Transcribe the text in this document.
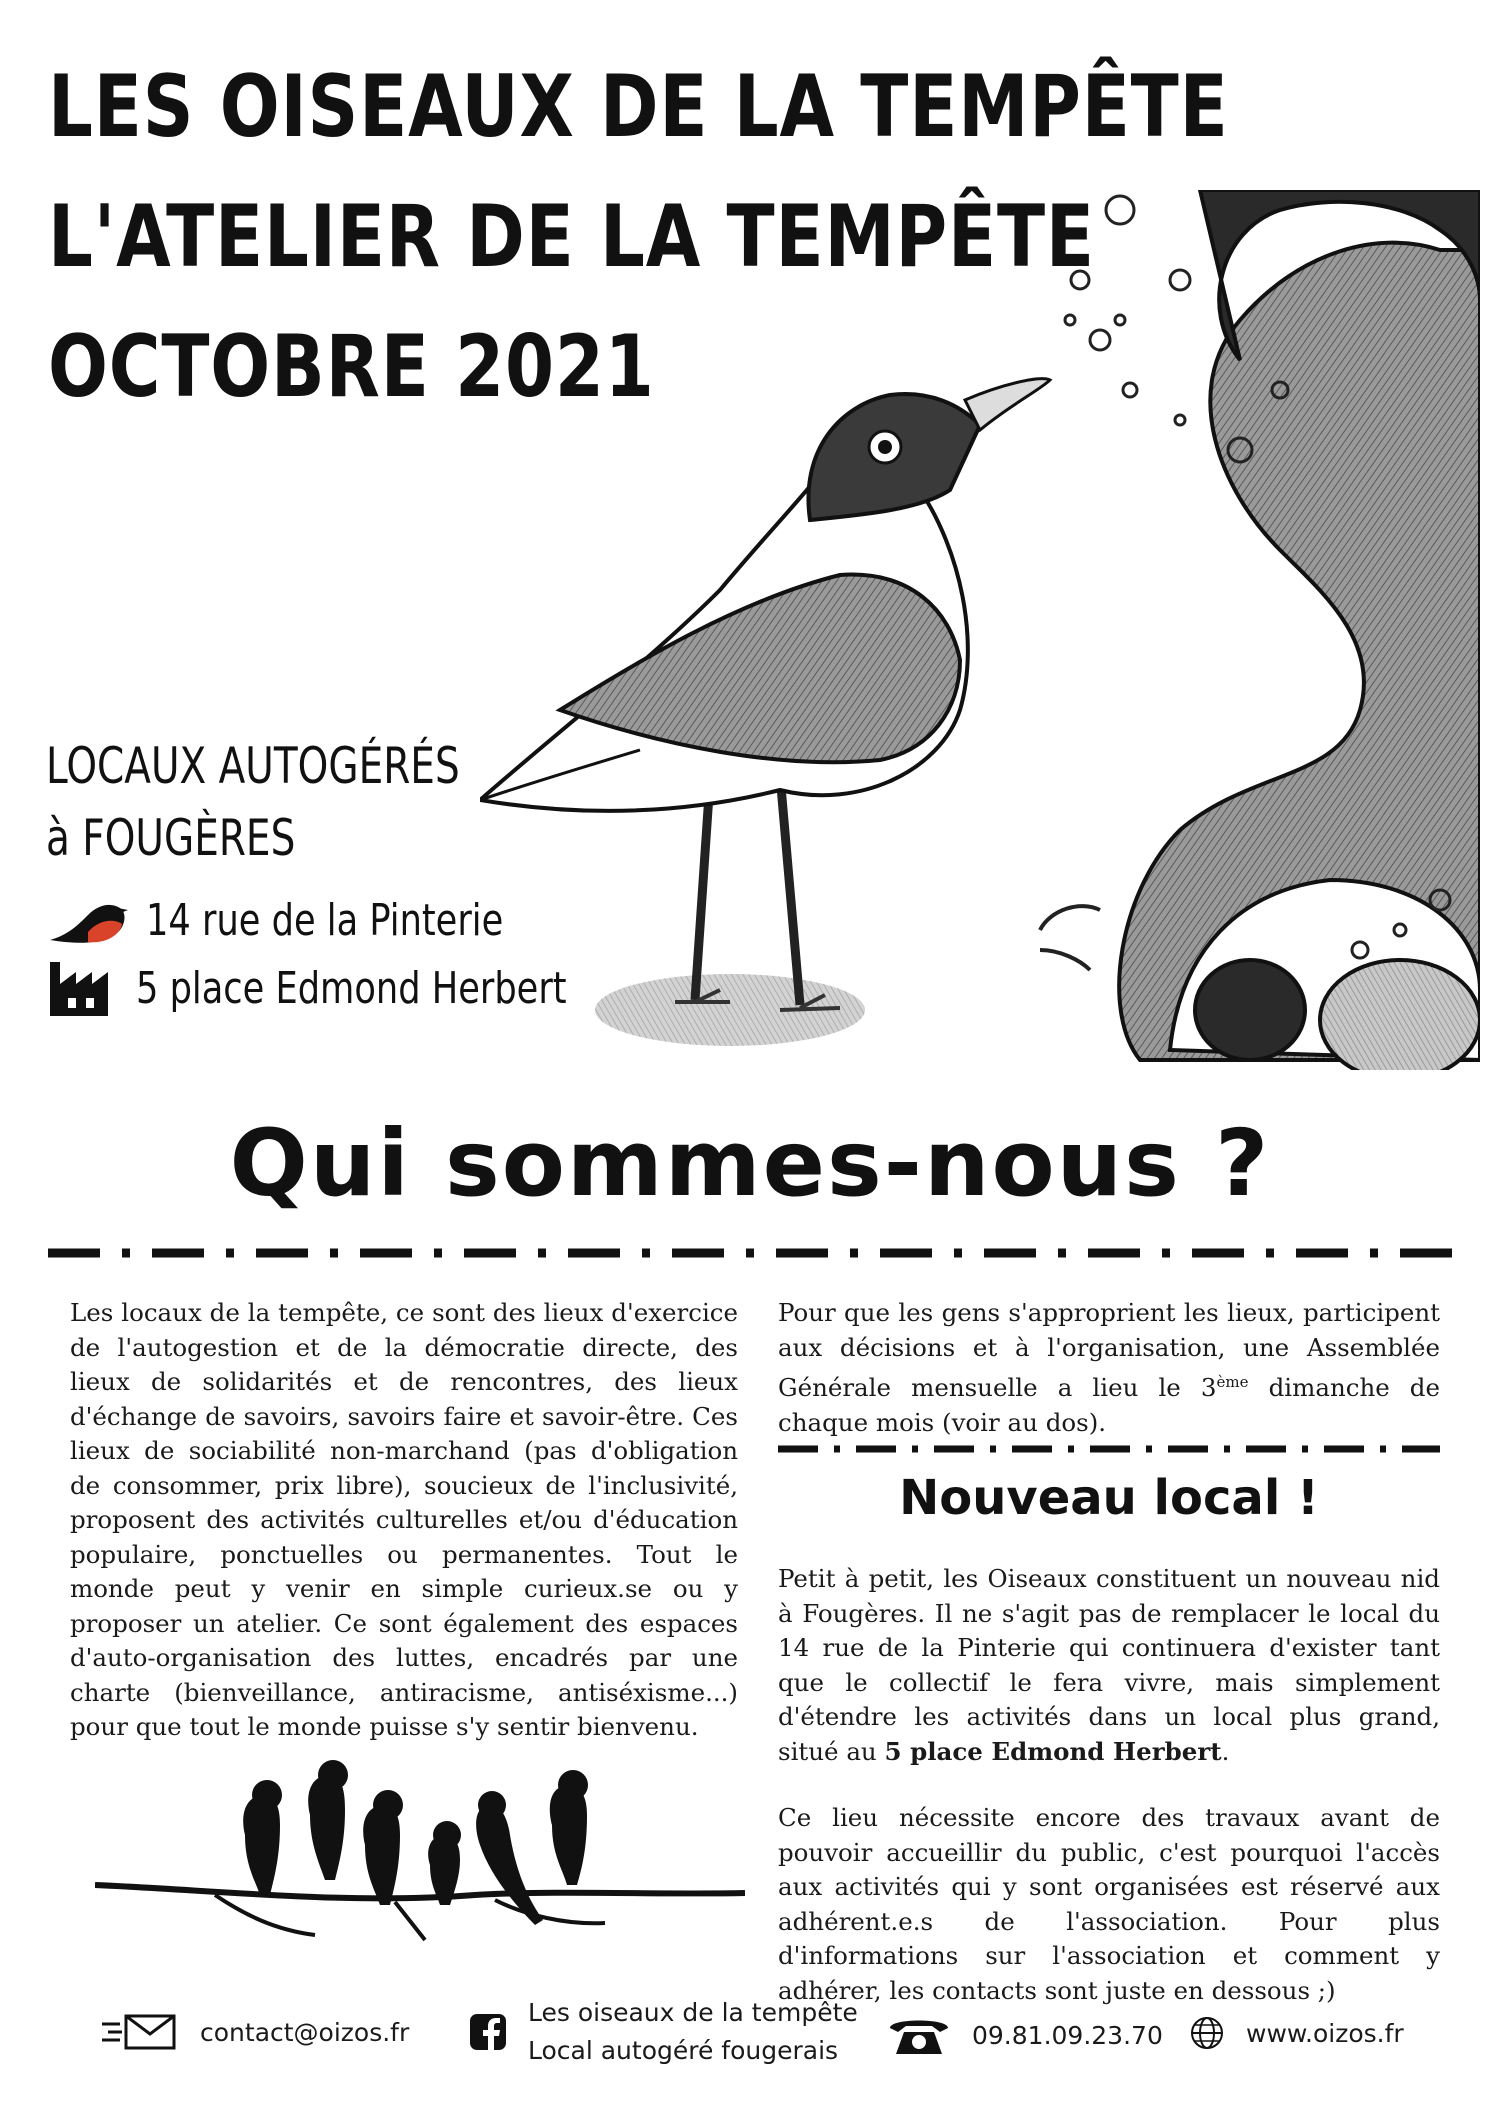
LES OISEAUX DE LA TEMPÊTE
L'ATELIER DE LA TEMPÊTE
OCTOBRE 2021
LOCAUX AUTOGÉRÉS
à FOUGÈRES
14 rue de la Pinterie
5 place Edmond Herbert
Qui sommes-nous ?

Les locaux de la tempête, ce sont des lieux d'exercice de l'autogestion et de la démocratie directe, des lieux de solidarités et de rencontres, des lieux d'échange de savoirs, savoirs faire et savoir-être. Ces lieux de sociabilité non-marchand (pas d'obligation de consommer, prix libre), soucieux de l'inclusivité, proposent des activités culturelles et/ou d'éducation populaire, ponctuelles ou permanentes. Tout le monde peut y venir en simple curieux.se ou y proposer un atelier. Ce sont également des espaces d'auto-organisation des luttes, encadrés par une charte (bienveillance, antiracisme, antiséxisme...) pour que tout le monde puisse s'y sentir bienvenu.

Pour que les gens s'approprient les lieux, participent aux décisions et à l'organisation, une Assemblée Générale mensuelle a lieu le 3ème dimanche de chaque mois (voir au dos).

Nouveau local !

Petit à petit, les Oiseaux constituent un nouveau nid à Fougères. Il ne s'agit pas de remplacer le local du 14 rue de la Pinterie qui continuera d'exister tant que le collectif le fera vivre, mais simplement d'étendre les activités dans un local plus grand, situé au 5 place Edmond Herbert.

Ce lieu nécessite encore des travaux avant de pouvoir accueillir du public, c'est pourquoi l'accès aux activités qui y sont organisées est réservé aux adhérent.e.s de l'association. Pour plus d'informations sur l'association et comment y adhérer, les contacts sont juste en dessous ;)

contact@oizos.fr
Les oiseaux de la tempête
Local autogéré fougerais
09.81.09.23.70	www.oizos.fr
